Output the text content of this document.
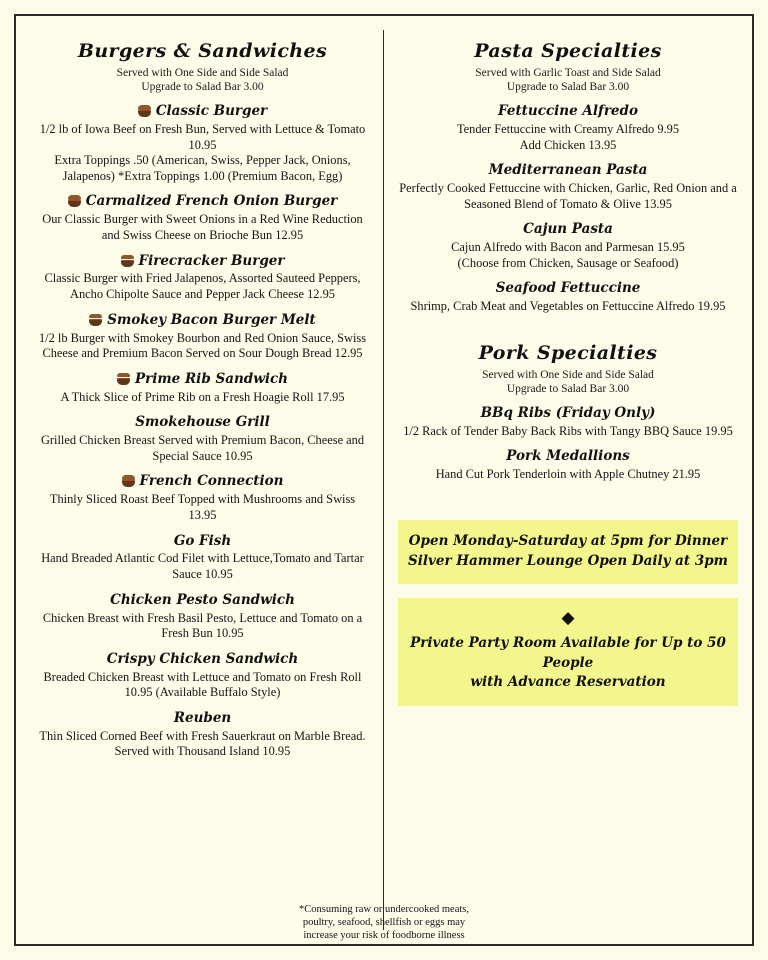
Burgers & Sandwiches
Served with One Side and Side Salad
Upgrade to Salad Bar 3.00
Classic Burger
1/2 lb of Iowa Beef on Fresh Bun, Served with Lettuce & Tomato 10.95
Extra Toppings .50 (American, Swiss, Pepper Jack, Onions, Jalapenos) *Extra Toppings 1.00 (Premium Bacon, Egg)
Carmalized French Onion Burger
Our Classic Burger with Sweet Onions in a Red Wine Reduction and Swiss Cheese on Brioche Bun 12.95
Firecracker Burger
Classic Burger with Fried Jalapenos, Assorted Sauteed Peppers, Ancho Chipolte Sauce and Pepper Jack Cheese 12.95
Smokey Bacon Burger Melt
1/2 lb Burger with Smokey Bourbon and Red Onion Sauce, Swiss Cheese and Premium Bacon Served on Sour Dough Bread 12.95
Prime Rib Sandwich
A Thick Slice of Prime Rib on a Fresh Hoagie Roll 17.95
Smokehouse Grill
Grilled Chicken Breast Served with Premium Bacon, Cheese and Special Sauce 10.95
French Connection
Thinly Sliced Roast Beef Topped with Mushrooms and Swiss 13.95
Go Fish
Hand Breaded Atlantic Cod Filet with Lettuce,Tomato and Tartar Sauce 10.95
Chicken Pesto Sandwich
Chicken Breast with Fresh Basil Pesto, Lettuce and Tomato on a Fresh Bun 10.95
Crispy Chicken Sandwich
Breaded Chicken Breast with Lettuce and Tomato on Fresh Roll 10.95 (Available Buffalo Style)
Reuben
Thin Sliced Corned Beef with Fresh Sauerkraut on Marble Bread. Served with Thousand Island 10.95
Pasta Specialties
Served with Garlic Toast and Side Salad
Upgrade to Salad Bar 3.00
Fettuccine Alfredo
Tender Fettuccine with Creamy Alfredo 9.95
Add Chicken 13.95
Mediterranean Pasta
Perfectly Cooked Fettuccine with Chicken, Garlic, Red Onion and a Seasoned Blend of Tomato & Olive 13.95
Cajun Pasta
Cajun Alfredo with Bacon and Parmesan 15.95
(Choose from Chicken, Sausage or Seafood)
Seafood Fettuccine
Shrimp, Crab Meat and Vegetables on Fettuccine Alfredo 19.95
Pork Specialties
Served with One Side and Side Salad
Upgrade to Salad Bar 3.00
BBq Ribs (Friday Only)
1/2 Rack of Tender Baby Back Ribs with Tangy BBQ Sauce 19.95
Pork Medallions
Hand Cut Pork Tenderloin with Apple Chutney 21.95
Open Monday-Saturday at 5pm for Dinner
Silver Hammer Lounge Open Daily at 3pm
◆
Private Party Room Available for Up to 50 People
with Advance Reservation
*Consuming raw or undercooked meats,
poultry, seafood, shellfish or eggs may
increase your risk of foodborne illness
